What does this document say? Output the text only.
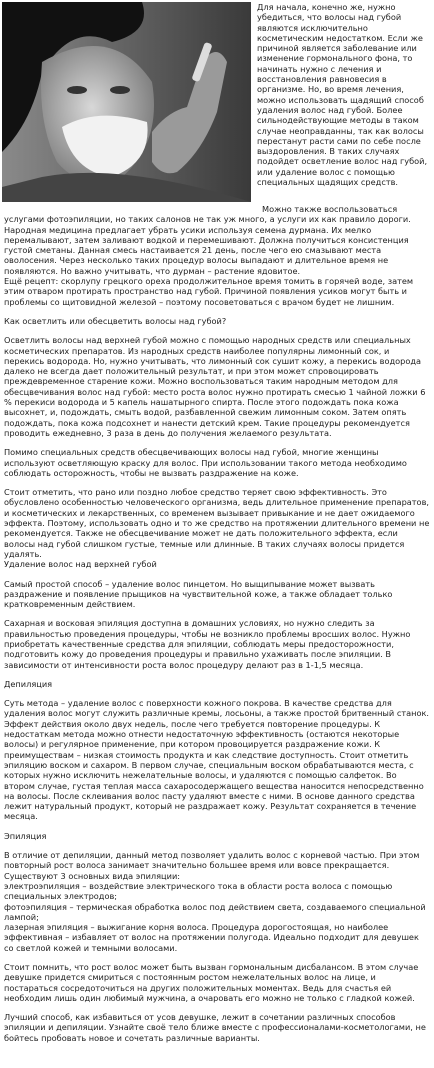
Для начала, конечно же, нужно убедиться, что волосы над губой являются исключительно косметическим недостатком. Если же причиной является заболевание или изменение гормонального фона, то начинать нужно с лечения и восстановления равновесия в организме. Но, во время лечения, можно использовать щадящий способ удаления волос над губой. Более сильнодействующие методы в таком случае неоправданны, так как волосы перестанут расти сами по себе после выздоровления. В таких случаях подойдет осветление волос над губой, или удаление волос с помощью специальных щадящих средств.

Можно также воспользоваться услугами фотоэпиляции, но таких салонов не так уж много, а услуги их как правило дороги.

Народная медицина предлагает убрать усики используя семена дурмана. Их мелко перемалывают, затем заливают водкой и перемешивают. Должна получиться консистенция густой сметаны. Данная смесь настаивается 21 день, после чего ею смазывают места оволосения. Через несколько таких процедур волосы выпадают и длительное время не появляются. Но важно учитывать, что дурман – растение ядовитое.

Ещё рецепт: скорлупу грецкого ореха продолжительное время томить в горячей воде, затем этим отваром протирать пространство над губой. Причиной появления усиков могут быть и проблемы со щитовидной железой – поэтому посоветоваться с врачом будет не лишним.

Как осветлить или обесцветить волосы над губой?

Осветлить волосы над верхней губой можно с помощью народных средств или специальных косметических препаратов. Из народных средств наиболее популярны лимонный сок, и перекись водорода. Но, нужно учитывать, что лимонный сок сушит кожу, а перекись водорода далеко не всегда дает положительный результат, и при этом может спровоцировать преждевременное старение кожи. Можно воспользоваться таким народным методом для обесцвечивания волос над губой: место роста волос нужно протирать смесью 1 чайной ложки 6 % перекиси водорода и 5 капель нашатырного спирта. После этого подождать пока кожа высохнет, и, подождать, смыть водой, разбавленной свежим лимонным соком. Затем опять подождать, пока кожа подсохнет и нанести детский крем. Такие процедуры рекомендуется проводить ежедневно, 3 раза в день до получения желаемого результата.

Помимо специальных средств обесцвечивающих волосы над губой, многие женщины используют осветляющую краску для волос. При использовании такого метода необходимо соблюдать осторожность, чтобы не вызвать раздражение на коже.

Стоит отметить, что рано или поздно любое средство теряет свою эффективность. Это обусловлено особенностью человеческого организма, ведь длительное применение препаратов, и косметических и лекарственных, со временем вызывает привыкание и не дает ожидаемого эффекта. Поэтому, использовать одно и то же средство на протяжении длительного времени не рекомендуется. Также не обесцвечивание может не дать положительного эффекта, если волосы над губой слишком густые, темные или длинные. В таких случаях волосы придется удалять.

Удаление волос над верхней губой

Самый простой способ – удаление волос пинцетом. Но выщипывание может вызвать раздражение и появление прыщиков на чувствительной коже, а также обладает только кратковременным действием.

Сахарная и восковая эпиляция доступна в домашних условиях, но нужно следить за правильностью проведения процедуры, чтобы не возникло проблемы вросших волос. Нужно приобретать качественные средства для эпиляции, соблюдать меры предосторожности, подготовить кожу до проведения процедуры и правильно ухаживать после эпиляции. В зависимости от интенсивности роста волос процедуру делают раз в 1-1,5 месяца.

Депиляция

Суть метода – удаление волос с поверхности кожного покрова. В качестве средства для удаления волос могут служить различные кремы, лосьоны, а также простой бритвенный станок. Эффект действия около двух недель, после чего требуется повторение процедуры. К недостаткам метода можно отнести недостаточную эффективность (остаются некоторые волосы) и регулярное применение, при котором провоцируется раздражение кожи. К преимуществам – низкая стоимость продукта и как следствие доступность. Стоит отметить эпиляцию воском и сахаром. В первом случае, специальным воском обрабатываются места, с которых нужно исключить нежелательные волосы, и удаляются с помощью салфеток. Во втором случае, густая теплая масса сахаросодержащего вещества наносится непосредственно на волосы. После склеивания волос пасту удаляют вместе с ними. В основе данного средства лежит натуральный продукт, который не раздражает кожу. Результат сохраняется в течение месяца.

Эпиляция

В отличие от депиляции, данный метод позволяет удалить волос с корневой частью. При этом повторный рост волоса занимает значительно большее время или вовсе прекращается. Существуют 3 основных вида эпиляции:

электроэпиляция – воздействие электрического тока в области роста волоса с помощью специальных электродов;

фотоэпиляция – термическая обработка волос под действием света, создаваемого специальной лампой;

лазерная эпиляция – выжигание корня волоса. Процедура дорогостоящая, но наиболее эффективная – избавляет от волос на протяжении полугода. Идеально подходит для девушек со светлой кожей и темными волосами.

Стоит помнить, что рост волос может быть вызван гормональным дисбалансом. В этом случае девушке придется смириться с постоянным ростом нежелательных волос на лице, и постараться сосредоточиться на других положительных моментах. Ведь для счастья ей необходим лишь один любимый мужчина, а очаровать его можно не только с гладкой кожей.

Лучший способ, как избавиться от усов девушке, лежит в сочетании различных способов эпиляции и депиляции. Узнайте своё тело ближе вместе с профессионалами-косметологами, не бойтесь пробовать новое и сочетать различные варианты.
